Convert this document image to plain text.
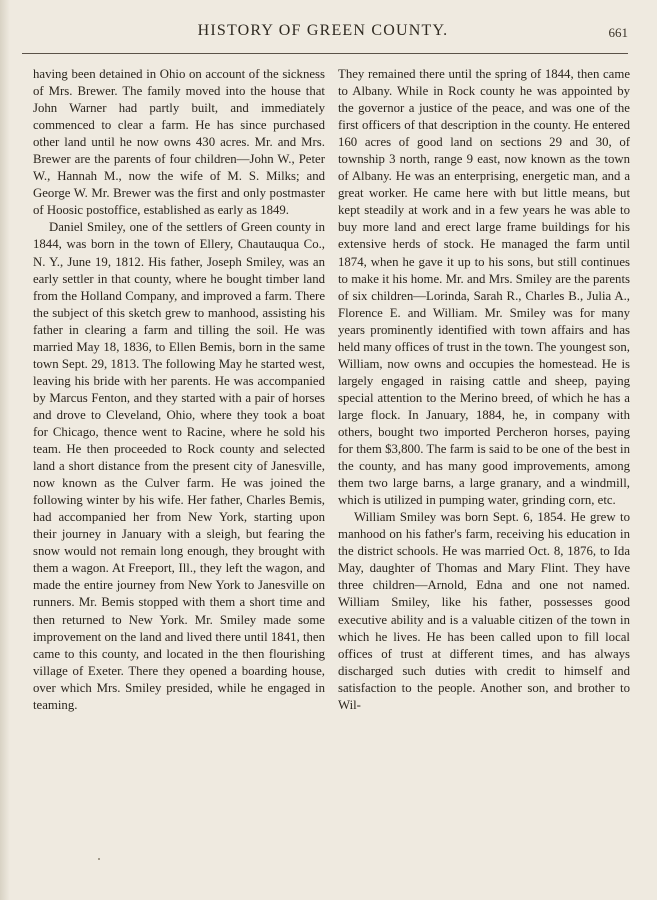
HISTORY OF GREEN COUNTY.	661

having been detained in Ohio on account of the sickness of Mrs. Brewer. The family moved into the house that John Warner had partly built, and immediately commenced to clear a farm. He has since purchased other land until he now owns 430 acres. Mr. and Mrs. Brewer are the parents of four children—John W., Peter W., Hannah M., now the wife of M. S. Milks; and George W. Mr. Brewer was the first and only postmaster of Hoosic postoffice, established as early as 1849.

Daniel Smiley, one of the settlers of Green county in 1844, was born in the town of Ellery, Chautauqua Co., N. Y., June 19, 1812. His father, Joseph Smiley, was an early settler in that county, where he bought timber land from the Holland Company, and improved a farm. There the subject of this sketch grew to manhood, assisting his father in clearing a farm and tilling the soil. He was married May 18, 1836, to Ellen Bemis, born in the same town Sept. 29, 1813. The following May he started west, leaving his bride with her parents. He was accompanied by Marcus Fenton, and they started with a pair of horses and drove to Cleveland, Ohio, where they took a boat for Chicago, thence went to Racine, where he sold his team. He then proceeded to Rock county and selected land a short distance from the present city of Janesville, now known as the Culver farm. He was joined the following winter by his wife. Her father, Charles Bemis, had accompanied her from New York, starting upon their journey in January with a sleigh, but fearing the snow would not remain long enough, they brought with them a wagon. At Freeport, Ill., they left the wagon, and made the entire journey from New York to Janesville on runners. Mr. Bemis stopped with them a short time and then returned to New York. Mr. Smiley made some improvement on the land and lived there until 1841, then came to this county, and located in the then flourishing village of Exeter. There they opened a boarding house, over which Mrs. Smiley presided, while he engaged in teaming.

They remained there until the spring of 1844, then came to Albany. While in Rock county he was appointed by the governor a justice of the peace, and was one of the first officers of that description in the county. He entered 160 acres of good land on sections 29 and 30, of township 3 north, range 9 east, now known as the town of Albany. He was an enterprising, energetic man, and a great worker. He came here with but little means, but kept steadily at work and in a few years he was able to buy more land and erect large frame buildings for his extensive herds of stock. He managed the farm until 1874, when he gave it up to his sons, but still continues to make it his home. Mr. and Mrs. Smiley are the parents of six children—Lorinda, Sarah R., Charles B., Julia A., Florence E. and William. Mr. Smiley was for many years prominently identified with town affairs and has held many offices of trust in the town. The youngest son, William, now owns and occupies the homestead. He is largely engaged in raising cattle and sheep, paying special attention to the Merino breed, of which he has a large flock. In January, 1884, he, in company with others, bought two imported Percheron horses, paying for them $3,800. The farm is said to be one of the best in the county, and has many good improvements, among them two large barns, a large granary, and a windmill, which is utilized in pumping water, grinding corn, etc.

William Smiley was born Sept. 6, 1854. He grew to manhood on his father's farm, receiving his education in the district schools. He was married Oct. 8, 1876, to Ida May, daughter of Thomas and Mary Flint. They have three children—Arnold, Edna and one not named. William Smiley, like his father, possesses good executive ability and is a valuable citizen of the town in which he lives. He has been called upon to fill local offices of trust at different times, and has always discharged such duties with credit to himself and satisfaction to the people. Another son, and brother to Wil-
